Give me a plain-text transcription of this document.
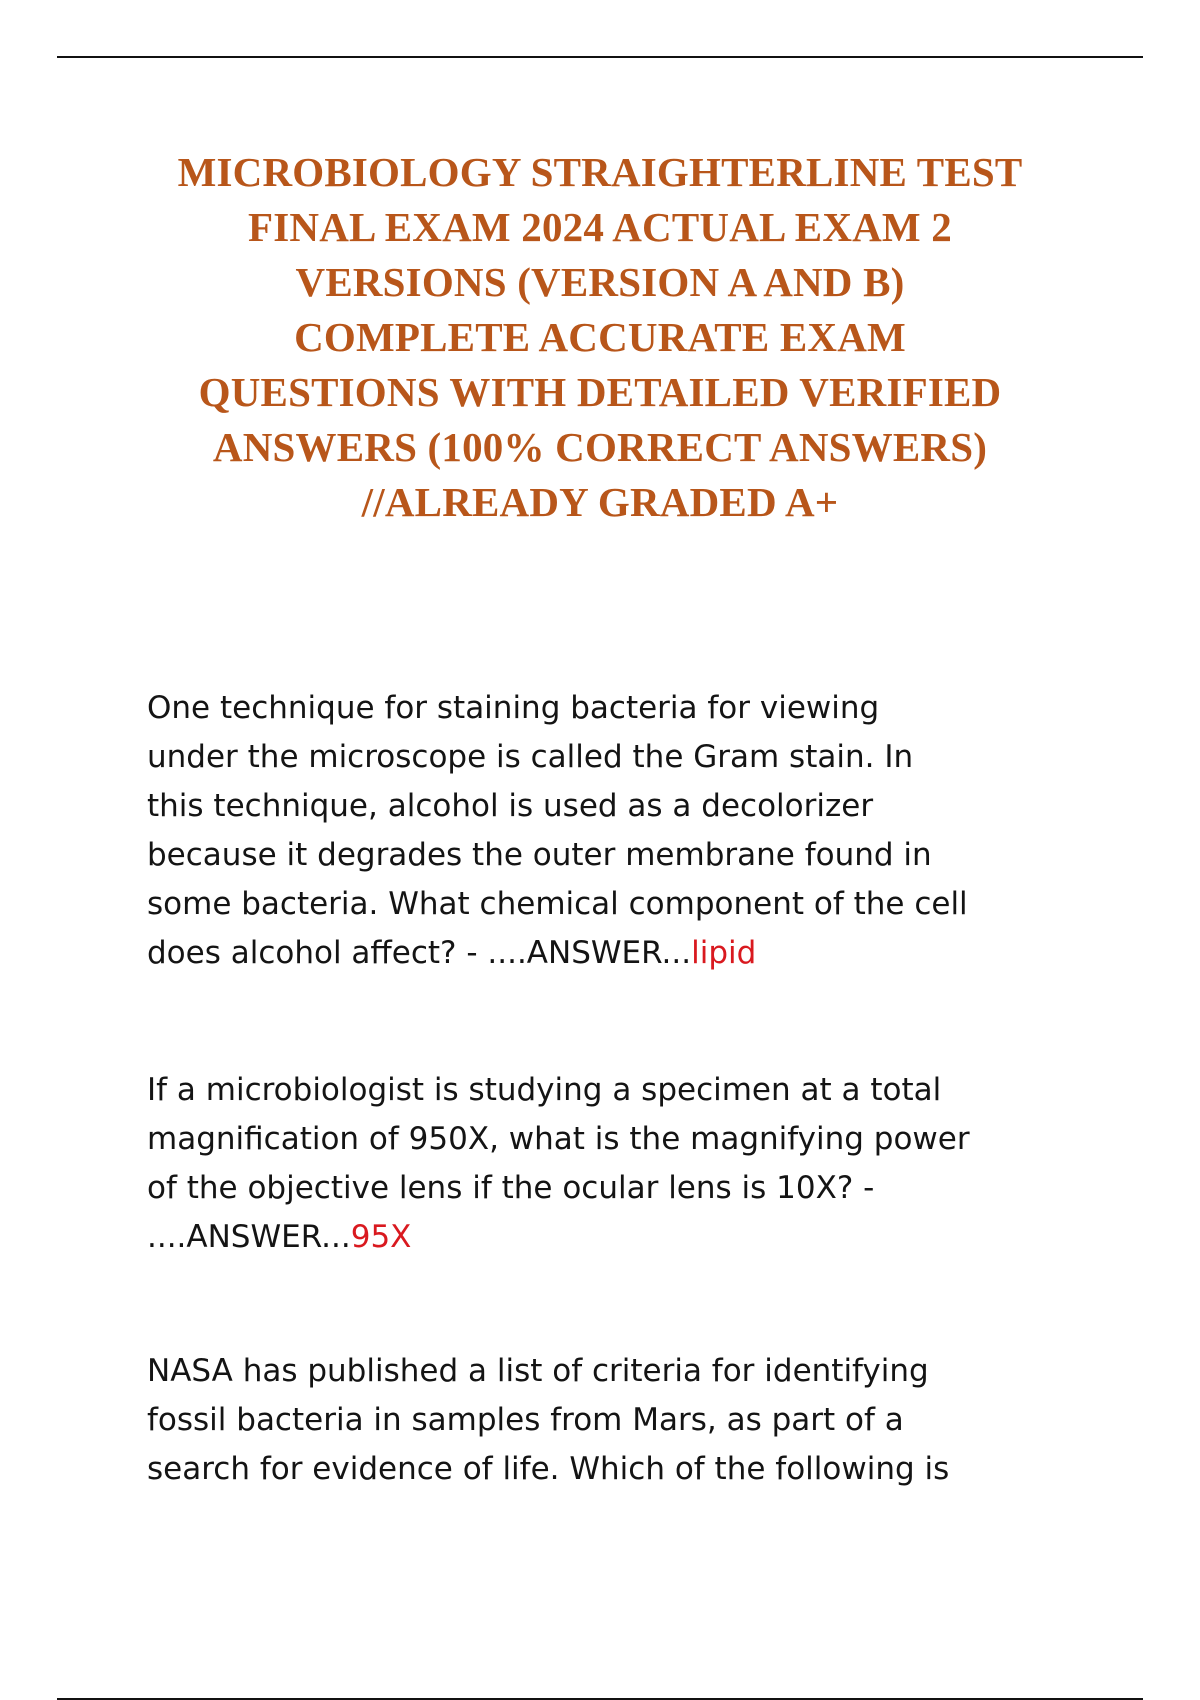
MICROBIOLOGY STRAIGHTERLINE TEST
FINAL EXAM 2024 ACTUAL EXAM 2
VERSIONS (VERSION A AND B)
COMPLETE ACCURATE EXAM
QUESTIONS WITH DETAILED VERIFIED
ANSWERS (100% CORRECT ANSWERS)
//ALREADY GRADED A+

One technique for staining bacteria for viewing
under the microscope is called the Gram stain. In
this technique, alcohol is used as a decolorizer
because it degrades the outer membrane found in
some bacteria. What chemical component of the cell
does alcohol affect? - ....ANSWER...lipid

If a microbiologist is studying a specimen at a total
magnification of 950X, what is the magnifying power
of the objective lens if the ocular lens is 10X? -
....ANSWER...95X

NASA has published a list of criteria for identifying
fossil bacteria in samples from Mars, as part of a
search for evidence of life. Which of the following is
